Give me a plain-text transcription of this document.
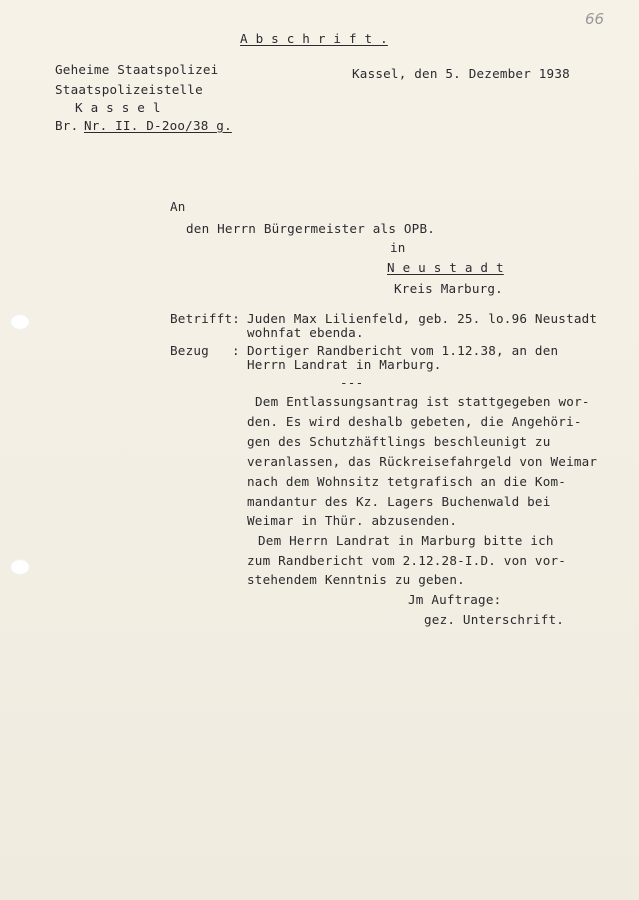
66
A b s c h r i f t .
Geheime Staatspolizei
Staatspolizeistelle
K a s s e l
Br. Nr. II. D-2oo/38 g.
Kassel, den 5. Dezember 1938
An
den Herrn Bürgermeister als OPB.
in
N e u s t a d t
Kreis Marburg.
Betrifft: Juden Max Lilienfeld, geb. 25. lo.96 Neustadt
wohnfat ebenda.
Bezug : Dortiger Randbericht vom 1.12.38, an den
Herrn Landrat in Marburg.
---
Dem Entlassungsantrag ist stattgegeben wor-
den. Es wird deshalb gebeten, die Angehöri-
gen des Schutzhäftlings beschleunigt zu
veranlassen, das Rückreisefahrgeld von Weimar
nach dem Wohnsitz tetgrafisch an die Kom-
mandantur des Kz. Lagers Buchenwald bei
Weimar in Thür. abzusenden.
Dem Herrn Landrat in Marburg bitte ich
zum Randbericht vom 2.12.28-I.D. von vor-
stehendem Kenntnis zu geben.
Jm Auftrage:
gez. Unterschrift.
